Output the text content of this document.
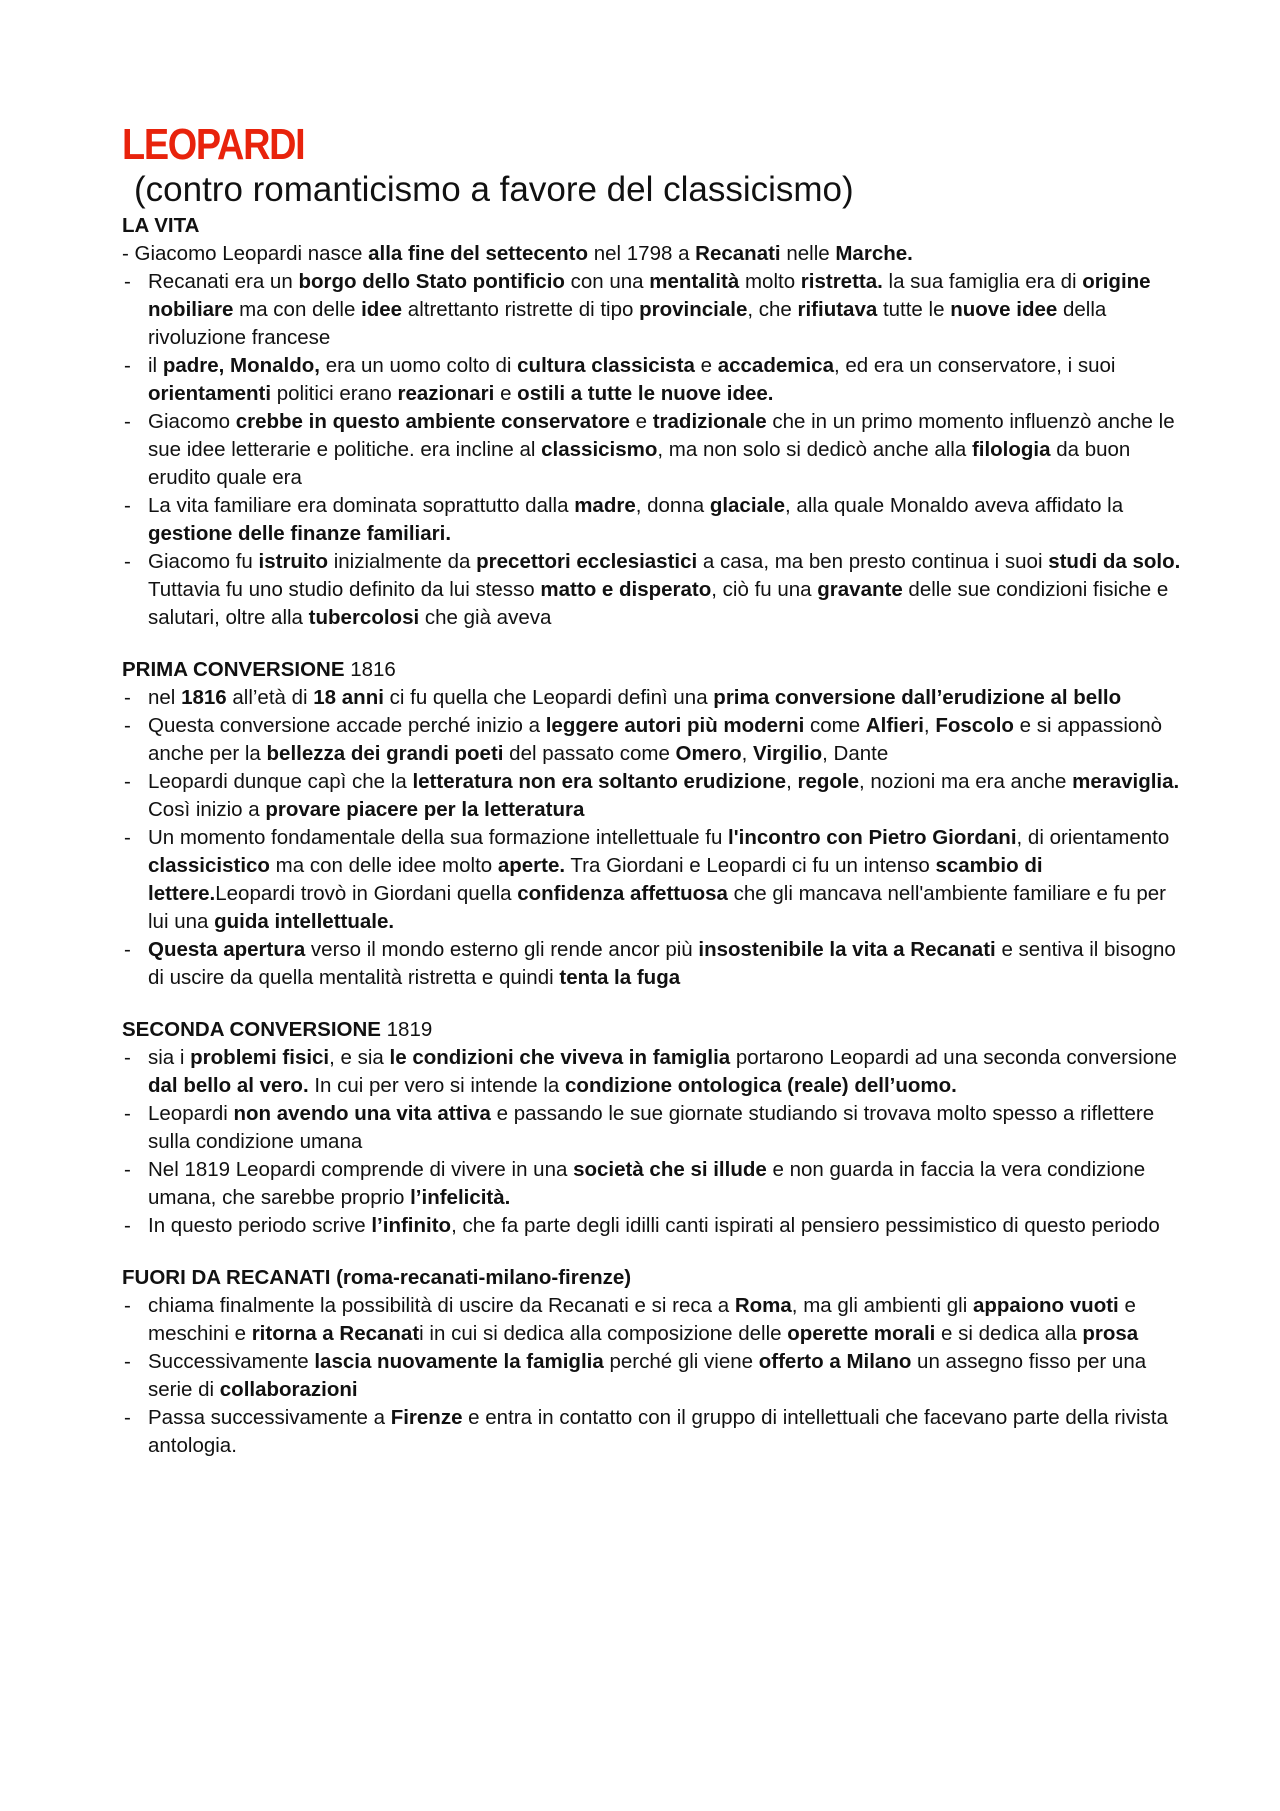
LEOPARDI
(contro romanticismo a favore del classicismo)
LA VITA
- Giacomo Leopardi nasce alla fine del settecento nel 1798 a Recanati nelle Marche.
- Recanati era un borgo dello Stato pontificio con una mentalità molto ristretta. la sua famiglia era di origine nobiliare ma con delle idee altrettanto ristrette di tipo provinciale, che rifiutava tutte le nuove idee della rivoluzione francese
- il padre, Monaldo, era un uomo colto di cultura classicista e accademica, ed era un conservatore, i suoi orientamenti politici erano reazionari e ostili a tutte le nuove idee.
- Giacomo crebbe in questo ambiente conservatore e tradizionale che in un primo momento influenzò anche le sue idee letterarie e politiche. era incline al classicismo, ma non solo si dedicò anche alla filologia da buon erudito quale era
- La vita familiare era dominata soprattutto dalla madre, donna glaciale, alla quale Monaldo aveva affidato la gestione delle finanze familiari.
- Giacomo fu istruito inizialmente da precettori ecclesiastici a casa, ma ben presto continua i suoi studi da solo. Tuttavia fu uno studio definito da lui stesso matto e disperato, ciò fu una gravante delle sue condizioni fisiche e salutari, oltre alla tubercolosi che già aveva
PRIMA CONVERSIONE 1816
- nel 1816 all’età di 18 anni ci fu quella che Leopardi definì una prima conversione dall’erudizione al bello
- Questa conversione accade perché inizio a leggere autori più moderni come Alfieri, Foscolo e si appassionò anche per la bellezza dei grandi poeti del passato come Omero, Virgilio, Dante
- Leopardi dunque capì che la letteratura non era soltanto erudizione, regole, nozioni ma era anche meraviglia. Così inizio a provare piacere per la letteratura
- Un momento fondamentale della sua formazione intellettuale fu l'incontro con Pietro Giordani, di orientamento classicistico ma con delle idee molto aperte. Tra Giordani e Leopardi ci fu un intenso scambio di lettere.Leopardi trovò in Giordani quella confidenza affettuosa che gli mancava nell'ambiente familiare e fu per lui una guida intellettuale.
- Questa apertura verso il mondo esterno gli rende ancor più insostenibile la vita a Recanati e sentiva il bisogno di uscire da quella mentalità ristretta e quindi tenta la fuga
SECONDA CONVERSIONE 1819
- sia i problemi fisici, e sia le condizioni che viveva in famiglia portarono Leopardi ad una seconda conversione dal bello al vero. In cui per vero si intende la condizione ontologica (reale) dell’uomo.
- Leopardi non avendo una vita attiva e passando le sue giornate studiando si trovava molto spesso a riflettere sulla condizione umana
- Nel 1819 Leopardi comprende di vivere in una società che si illude e non guarda in faccia la vera condizione umana, che sarebbe proprio l’infelicità.
- In questo periodo scrive l’infinito, che fa parte degli idilli canti ispirati al pensiero pessimistico di questo periodo
FUORI DA RECANATI (roma-recanati-milano-firenze)
- chiama finalmente la possibilità di uscire da Recanati e si reca a Roma, ma gli ambienti gli appaiono vuoti e meschini e ritorna a Recanati in cui si dedica alla composizione delle operette morali e si dedica alla prosa
- Successivamente lascia nuovamente la famiglia perché gli viene offerto a Milano un assegno fisso per una serie di collaborazioni
- Passa successivamente a Firenze e entra in contatto con il gruppo di intellettuali che facevano parte della rivista antologia.
